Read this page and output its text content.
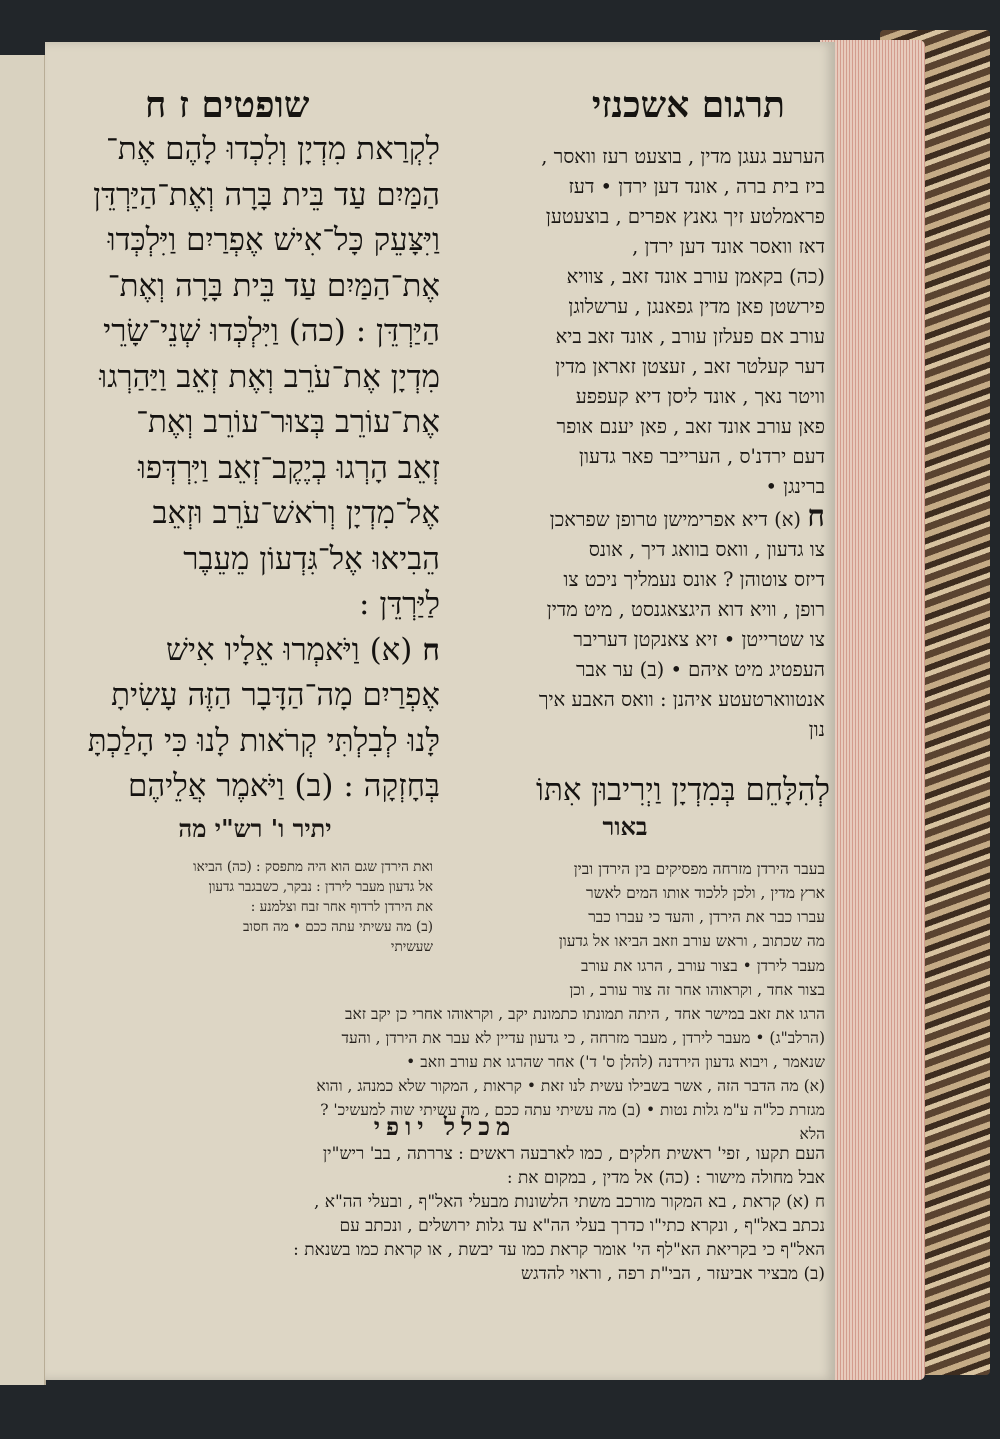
תרגום אשכנזי
שופטים ז ח
לִקְרַאת מִדְיָן וְלִכְדוּ לָהֶם אֶת־
הַמַּיִם עַד בֵּית בָּרָה וְאֶת־הַיַּרְדֵּן
וַיִּצָּעֵק כָּל־אִישׁ אֶפְרַיִם וַיִּלְכְּדוּ
אֶת־הַמַּיִם עַד בֵּית בָּרָה וְאֶת־
הַיַּרְדֵּן : (כה) וַיִּלְכְּדוּ שְׁנֵי־שָׂרֵי
מִדְיָן אֶת־עֹרֵב וְאֶת זְאֵב וַיַּהַרְגוּ
אֶת־עוֹרֵב בְּצוּר־עוֹרֵב וְאֶת־
זְאֵב הָרְגוּ בְיֶקֶב־זְאֵב וַיִּרְדְּפוּ
אֶל־מִדְיָן וְרֹאשׁ־עֹרֵב וּזְאֵב
הֵבִיאוּ אֶל־גִּדְעוֹן מֵעֵבֶר
לַיַּרְדֵּן :
ח (א) וַיֹּאמְרוּ אֵלָיו אִישׁ
אֶפְרַיִם מָה־הַדָּבָר הַזֶּה עָשִׂיתָ
לָּנוּ לְבִלְתִּי קְרֹאות לָנוּ כִּי הָלַכְתָּ
בְּחָזְקָה : (ב) וַיֹּאמֶר אֲלֵיהֶם
יתיר ו' רש"י מה
הערעב געגן מדין , בוצעט רעז וואסר ,
ביז בית ברה , אונד דען ירדן • דעז
פראמלטע זיך גאנץ אפרים , בוצעטען
דאז וואסר אונד דען ירדן ,
(כה) בקאמן עורב אונד זאב , צוויא
פירשטן פאן מדין גפאנגן , ערשלוגן
עורב אם פעלזן עורב , אונד זאב ביא
דער קעלטר זאב , זעצטן זאראן מדין
וויטר נאך , אונד ליסן דיא קעפפע
פאן עורב אונד זאב , פאן יענם אופר
דעם ירדנ'ס , הערייבר פאר גדעון
ברינגן •
ח (א) דיא אפרימישן טרופן שפראכן
צו גדעון , וואס בוואג דיך , אונס
דיזס צוטוהן ? אונס נעמליך ניכט צו
רופן , וויא דוא היגצאגנסט , מיט מדין
צו שטרייטן • זיא צאנקטן דעריבר
העפטיג מיט איהם • (ב) ער אבר
אנטווארטעטע איהנן : וואס האבע איך
נון
לְהִלָּחֵם בְּמִדְיָן וַיְרִיבוּן אִתּוֹ
באור
ואת הירדן שגם הוא היה מתפסק : (כה) הביאו
אל גדעון מעבר לירדן : נבקר, כשבגבר גדעון
את הירדן לרדוף אחר זבח וצלמנע :
(ב) מה עשיתי עתה ככם • מה חסוב
שעשיתי
בעבר הירדן מזרחה מפסיקים בין הירדן ובין
ארץ מדין , ולכן ללכוד אותו המים לאשר
עברו כבר את הירדן , והעד כי עברו כבר
מה שכתוב , וראש עורב וזאב הביאו אל גדעון
מעבר לירדן • בצור עורב , הרגו את עורב
בצור אחד , וקראוהו אחר זה צור עורב , וכן
הרגו את זאב במישר אחד , היתה תמונתו כתמונת יקב , וקראוהו אחרי כן יקב זאב
(הרלב"ג) • מעבר לירדן , מעבר מזרחה , כי גדעון עדיין לא עבר את הירדן , והעד
שנאמר , ויבוא גדעון הירדנה (להלן ס' ד') אחר שהרגו את עורב וזאב •
(א) מה הדבר הזה , אשר בשבילו עשית לנו זאת • קראות , המקור שלא כמנהג , והוא
מגזרת כל"ה ע"מ גלות נטות • (ב) מה עשיתי עתה ככם , מה עשיתי שוה למעשיכ' ?
הלא
מכלל יופי
העם תקעו , זפי' ראשית חלקים , כמו לארבעה ראשים : צררתה , בב' ריש"ין
אבל מחולה מישור : (כה) אל מדין , במקום את :
ח (א) קראת , בא המקור מורכב משתי הלשונות מבעלי האל"ף , ובעלי הה"א ,
נכתב באל"ף , ונקרא כתי"ו כדרך בעלי הה"א עד גלות ירושלים , ונכתב עם
האל"ף כי בקריאת הא"לף הי' אומר קראת כמו עד יבשת , או קראת כמו בשנאת :
(ב) מבציר אביעזר , הבי"ת רפה , וראוי להדגש
